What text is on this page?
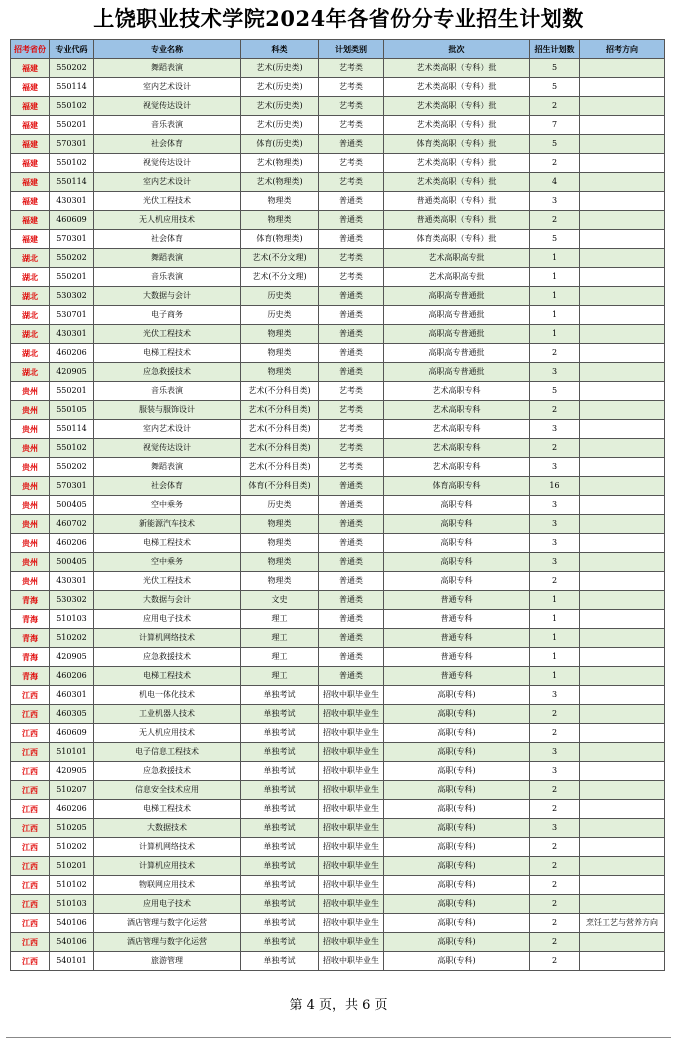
上饶职业技术学院2024年各省份分专业招生计划数
招考省份	专业代码	专业名称	科类	计划类别	批次	招生计划数	招考方向
福建	550202	舞蹈表演	艺术(历史类)	艺考类	艺术类高职（专科）批	5	
福建	550114	室内艺术设计	艺术(历史类)	艺考类	艺术类高职（专科）批	5	
福建	550102	视觉传达设计	艺术(历史类)	艺考类	艺术类高职（专科）批	2	
福建	550201	音乐表演	艺术(历史类)	艺考类	艺术类高职（专科）批	7	
福建	570301	社会体育	体育(历史类)	普通类	体育类高职（专科）批	5	
福建	550102	视觉传达设计	艺术(物理类)	艺考类	艺术类高职（专科）批	2	
福建	550114	室内艺术设计	艺术(物理类)	艺考类	艺术类高职（专科）批	4	
福建	430301	光伏工程技术	物理类	普通类	普通类高职（专科）批	3	
福建	460609	无人机应用技术	物理类	普通类	普通类高职（专科）批	2	
福建	570301	社会体育	体育(物理类)	普通类	体育类高职（专科）批	5	
湖北	550202	舞蹈表演	艺术(不分文理)	艺考类	艺术高职高专批	1	
湖北	550201	音乐表演	艺术(不分文理)	艺考类	艺术高职高专批	1	
湖北	530302	大数据与会计	历史类	普通类	高职高专普通批	1	
湖北	530701	电子商务	历史类	普通类	高职高专普通批	1	
湖北	430301	光伏工程技术	物理类	普通类	高职高专普通批	1	
湖北	460206	电梯工程技术	物理类	普通类	高职高专普通批	2	
湖北	420905	应急救援技术	物理类	普通类	高职高专普通批	3	
贵州	550201	音乐表演	艺术(不分科目类)	艺考类	艺术高职专科	5	
贵州	550105	服装与服饰设计	艺术(不分科目类)	艺考类	艺术高职专科	2	
贵州	550114	室内艺术设计	艺术(不分科目类)	艺考类	艺术高职专科	3	
贵州	550102	视觉传达设计	艺术(不分科目类)	艺考类	艺术高职专科	2	
贵州	550202	舞蹈表演	艺术(不分科目类)	艺考类	艺术高职专科	3	
贵州	570301	社会体育	体育(不分科目类)	普通类	体育高职专科	16	
贵州	500405	空中乘务	历史类	普通类	高职专科	3	
贵州	460702	新能源汽车技术	物理类	普通类	高职专科	3	
贵州	460206	电梯工程技术	物理类	普通类	高职专科	3	
贵州	500405	空中乘务	物理类	普通类	高职专科	3	
贵州	430301	光伏工程技术	物理类	普通类	高职专科	2	
青海	530302	大数据与会计	文史	普通类	普通专科	1	
青海	510103	应用电子技术	理工	普通类	普通专科	1	
青海	510202	计算机网络技术	理工	普通类	普通专科	1	
青海	420905	应急救援技术	理工	普通类	普通专科	1	
青海	460206	电梯工程技术	理工	普通类	普通专科	1	
江西	460301	机电一体化技术	单独考试	招收中职毕业生	高职(专科)	3	
江西	460305	工业机器人技术	单独考试	招收中职毕业生	高职(专科)	2	
江西	460609	无人机应用技术	单独考试	招收中职毕业生	高职(专科)	2	
江西	510101	电子信息工程技术	单独考试	招收中职毕业生	高职(专科)	3	
江西	420905	应急救援技术	单独考试	招收中职毕业生	高职(专科)	3	
江西	510207	信息安全技术应用	单独考试	招收中职毕业生	高职(专科)	2	
江西	460206	电梯工程技术	单独考试	招收中职毕业生	高职(专科)	2	
江西	510205	大数据技术	单独考试	招收中职毕业生	高职(专科)	3	
江西	510202	计算机网络技术	单独考试	招收中职毕业生	高职(专科)	2	
江西	510201	计算机应用技术	单独考试	招收中职毕业生	高职(专科)	2	
江西	510102	物联网应用技术	单独考试	招收中职毕业生	高职(专科)	2	
江西	510103	应用电子技术	单独考试	招收中职毕业生	高职(专科)	2	
江西	540106	酒店管理与数字化运营	单独考试	招收中职毕业生	高职(专科)	2	烹饪工艺与营养方向
江西	540106	酒店管理与数字化运营	单独考试	招收中职毕业生	高职(专科)	2	
江西	540101	旅游管理	单独考试	招收中职毕业生	高职(专科)	2	
第 4 页，共 6 页
